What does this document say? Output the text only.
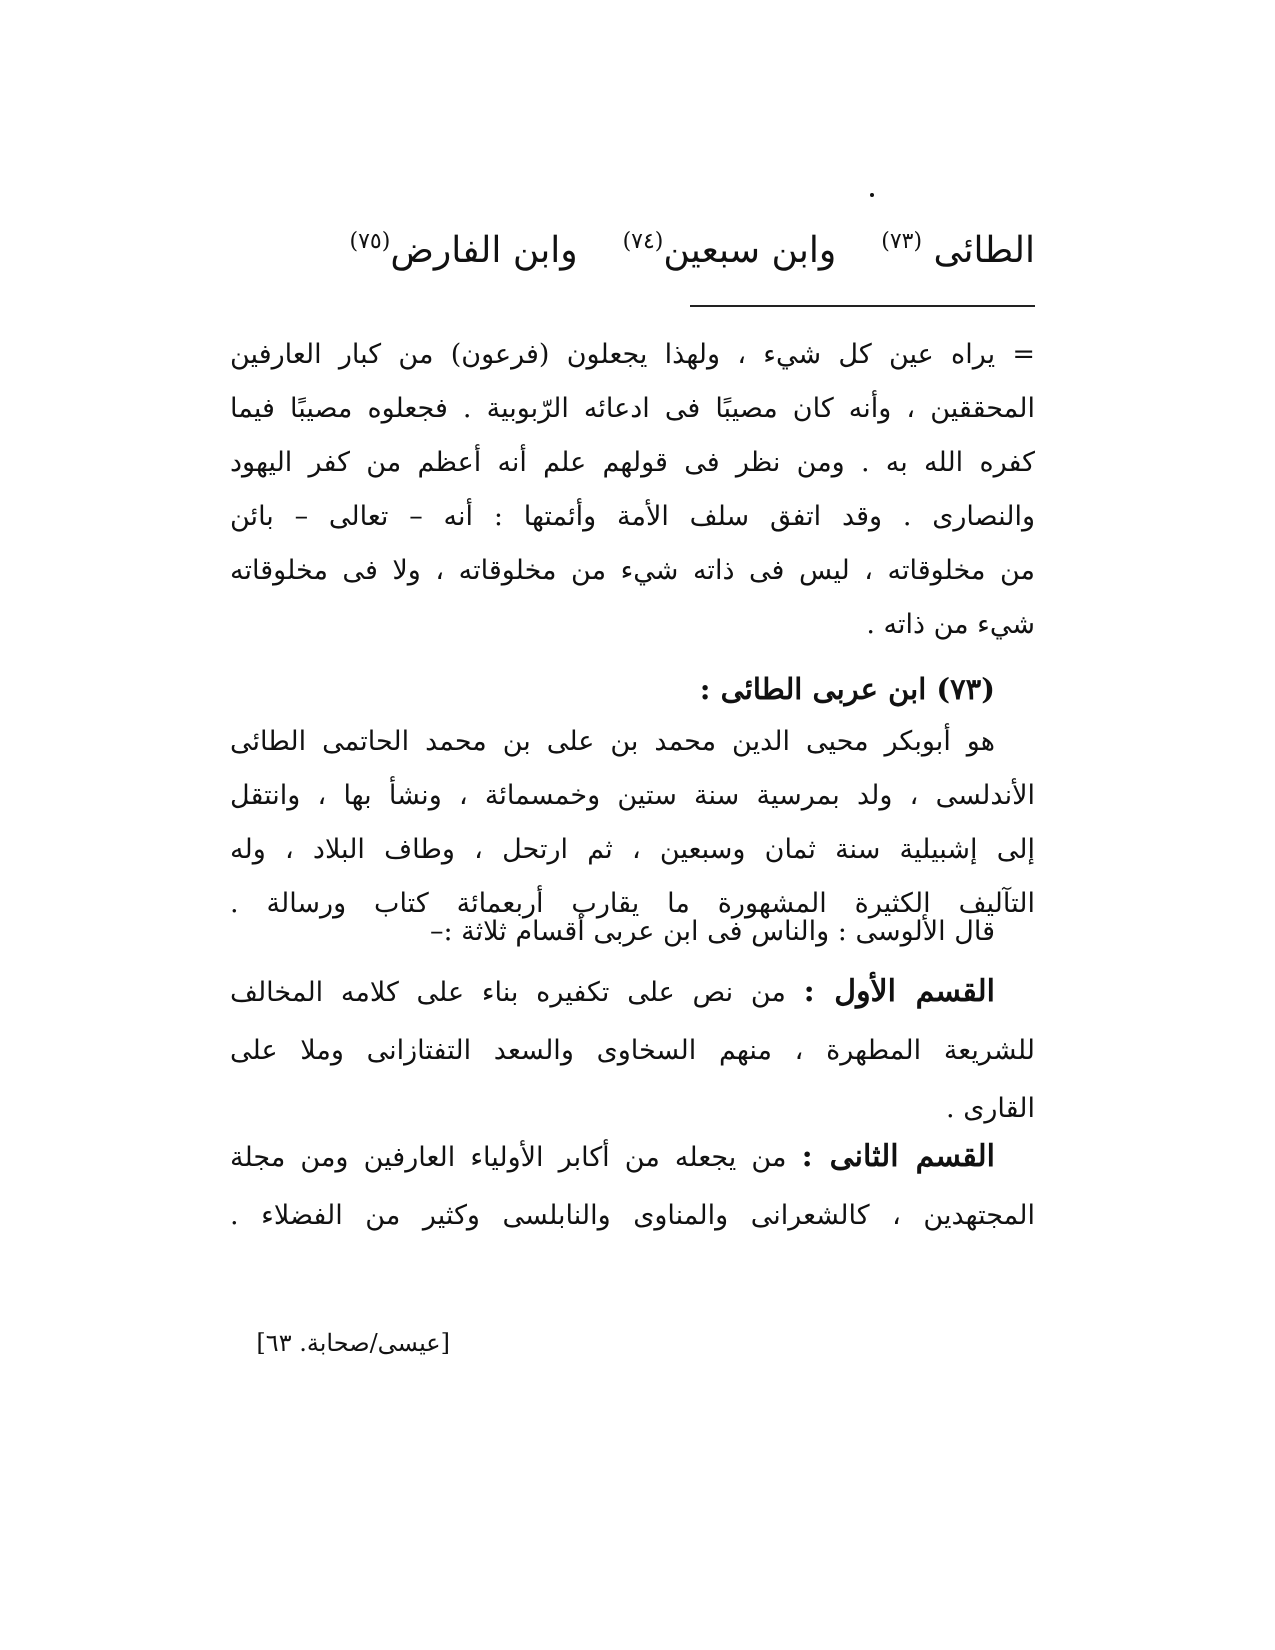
الطائى $^{(٧٣)}$  وابن سبعين$^{(٧٤)}$  وابن الفارض$^{(٧٥)}$
= يراه عين كل شيء ، ولهذا يجعلون (فرعون) من كبار العارفين
المحققين ، وأنه كان مصيبًا فى ادعائه الرّبوبية . فجعلوه مصيبًا فيما
كفره الله به . ومن نظر فى قولهم علم أنه أعظم من كفر اليهود
والنصارى . وقد اتفق سلف الأمة وأئمتها : أنه – تعالى – بائن
من مخلوقاته ، ليس فى ذاته شيء من مخلوقاته ، ولا فى مخلوقاته
شيء من ذاته .
(٧٣) ابن عربى الطائى :
هو أبوبكر محيى الدين محمد بن على بن محمد الحاتمى الطائى
الأندلسى ، ولد بمرسية سنة ستين وخمسمائة ، ونشأ بها ، وانتقل
إلى إشبيلية سنة ثمان وسبعين ، ثم ارتحل ، وطاف البلاد ، وله
التآليف الكثيرة المشهورة ما يقارب أربعمائة كتاب ورسالة .
قال الألوسى : والناس فى ابن عربى أقسام ثلاثة :–
القسم الأول : من نص على تكفيره بناء على كلامه المخالف
للشريعة المطهرة ، منهم السخاوى والسعد التفتازانى وملا على
القارى .
القسم الثانى : من يجعله من أكابر الأولياء العارفين ومن مجلة
المجتهدين ، كالشعرانى والمناوى والنابلسى وكثير من الفضلاء .
[عيسى/صحابة. ٦٣]
